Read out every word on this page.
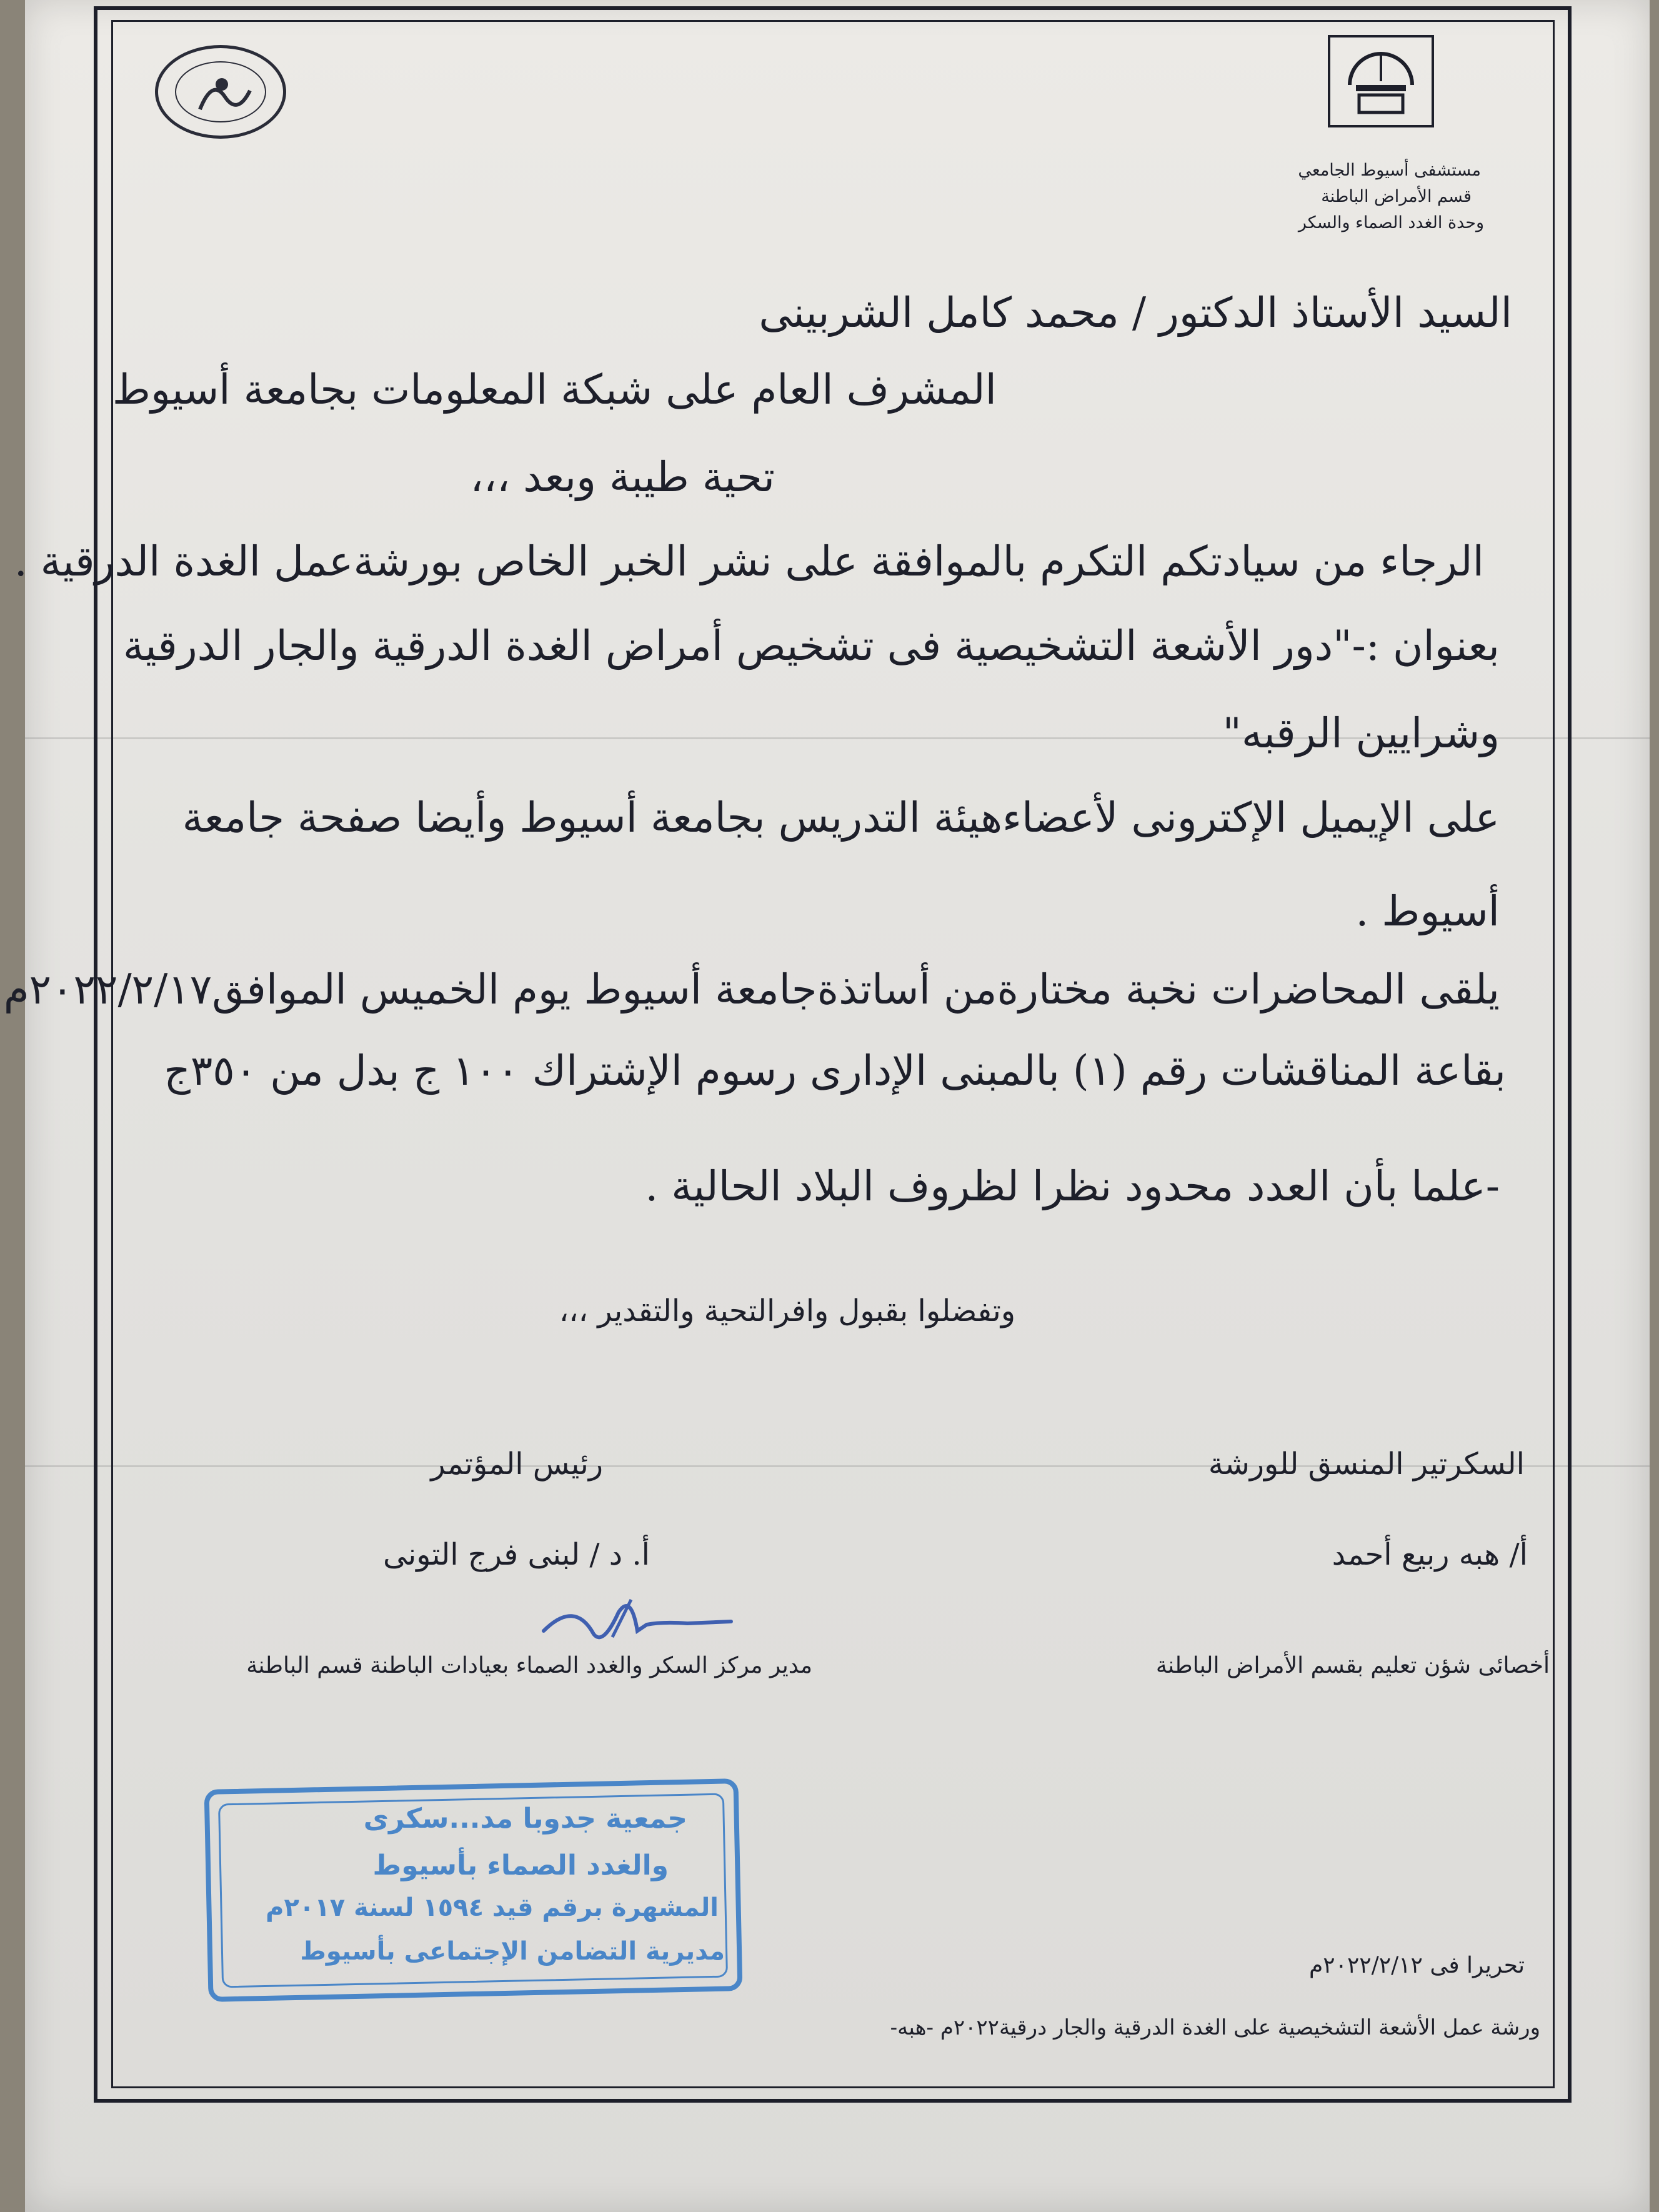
مستشفى أسيوط الجامعي
قسم الأمراض الباطنة
وحدة الغدد الصماء والسكر
السيد الأستاذ الدكتور / محمد كامل الشربينى
المشرف العام على شبكة المعلومات بجامعة أسيوط
تحية طيبة وبعد ،،،
الرجاء من سيادتكم التكرم بالموافقة على نشر الخبر الخاص بورشةعمل الغدة الدرقية .
بعنوان :-"دور الأشعة التشخيصية فى تشخيص أمراض الغدة الدرقية والجار الدرقية
وشرايين الرقبه"
على الإيميل الإكترونى لأعضاءهيئة التدريس بجامعة أسيوط وأيضا صفحة جامعة
أسيوط .
يلقى المحاضرات نخبة مختارةمن أساتذةجامعة أسيوط يوم الخميس الموافق٢٠٢٢/٢/١٧م
بقاعة المناقشات رقم (١) بالمبنى الإدارى رسوم الإشتراك ١٠٠ ج بدل من ٣٥٠ج
-علما بأن العدد محدود نظرا لظروف البلاد الحالية .
وتفضلوا بقبول وافرالتحية والتقدير ،،،
السكرتير المنسق للورشة
أ/ هبه ربيع أحمد
أخصائى شؤن تعليم بقسم الأمراض الباطنة
رئيس المؤتمر
أ. د / لبنى فرج التونى
مدير مركز السكر والغدد الصماء بعيادات الباطنة قسم الباطنة
جمعية جدوبا مد...سكرى
والغدد الصماء بأسيوط
المشهرة برقم قيد ١٥٩٤ لسنة ٢٠١٧م
مديرية التضامن الإجتماعى بأسيوط	تحريرا فى ٢٠٢٢/٢/١٢م
ورشة عمل الأشعة التشخيصية على الغدة الدرقية والجار درقية٢٠٢٢م -هبه-
